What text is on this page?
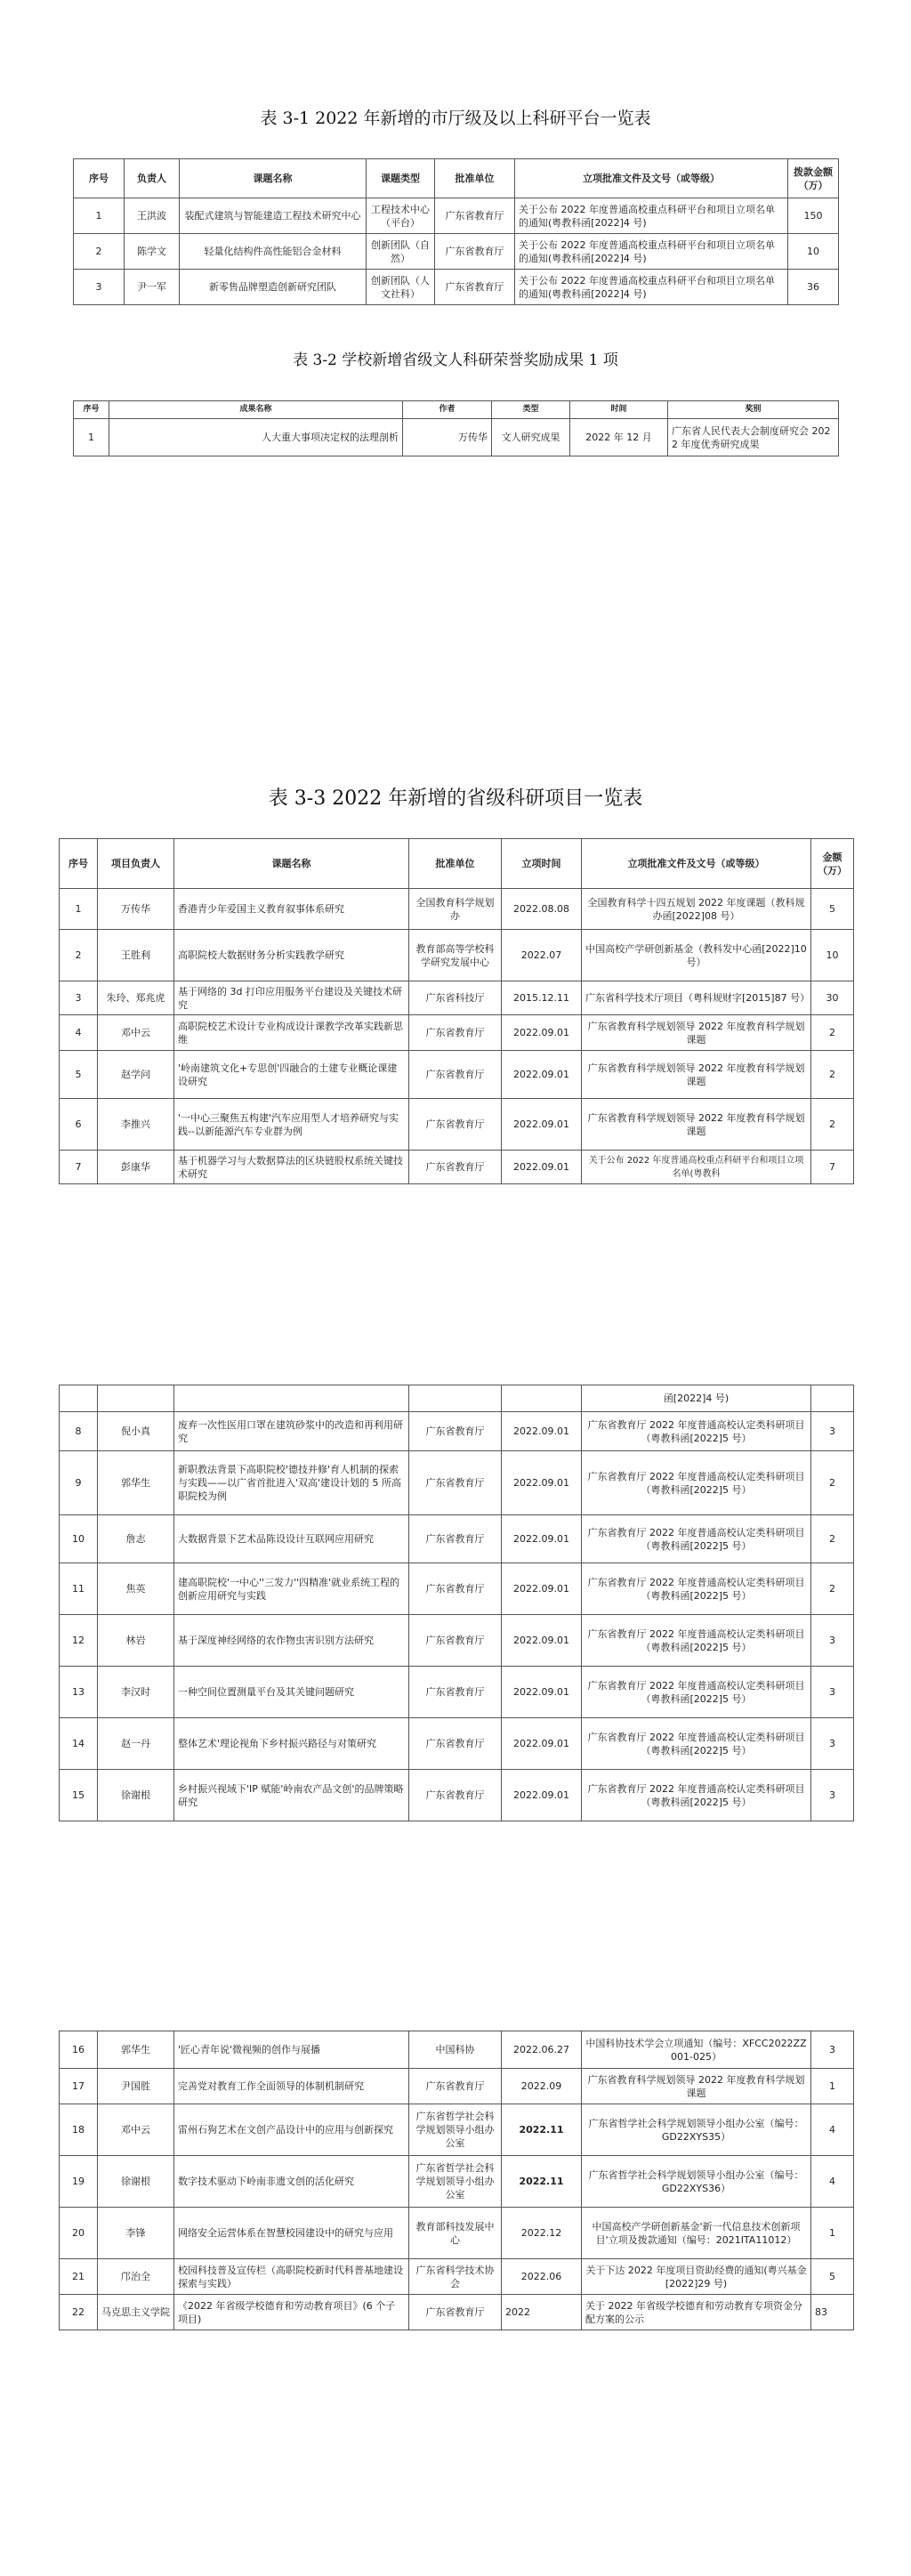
表 3-1 2022 年新增的市厅级及以上科研平台一览表
序号	负责人	课题名称	课题类型	批准单位	立项批准文件及文号（或等级）	拨款金额（万）
1	王洪波	装配式建筑与智能建造工程技术研究中心	工程技术中心（平台）	广东省教育厅	关于公布 2022 年度普通高校重点科研平台和项目立项名单的通知(粤教科函[2022]4 号)	150
2	陈学文	轻量化结构件高性能铝合金材料	创新团队（自然）	广东省教育厅	关于公布 2022 年度普通高校重点科研平台和项目立项名单的通知(粤教科函[2022]4 号)	10
3	尹一军	新零售品牌塑造创新研究团队	创新团队（人文社科）	广东省教育厅	关于公布 2022 年度普通高校重点科研平台和项目立项名单的通知(粤教科函[2022]4 号)	36
表 3-2 学校新增省级文人科研荣誉奖励成果 1 项
序号	成果名称	作者	类型	时间	奖别
1	人大重大事项决定权的法理剖析	万传华	文人研究成果	2022 年 12 月	广东省人民代表大会制度研究会 2022 年度优秀研究成果
表 3-3 2022 年新增的省级科研项目一览表
序号	项目负责人	课题名称	批准单位	立项时间	立项批准文件及文号（或等级）	金额（万）
1	万传华	香港青少年爱国主义教育叙事体系研究	全国教育科学规划办	2022.08.08	全国教育科学十四五规划 2022 年度课题（教科规办函[2022]08 号）	5
2	王胜利	高职院校大数据财务分析实践教学研究	教育部高等学校科学研究发展中心	2022.07	中国高校产学研创新基金（教科发中心函[2022]10 号）	10
3	朱玲、郑兆虎	基于网络的 3d 打印应用服务平台建设及关键技术研究	广东省科技厅	2015.12.11	广东省科学技术厅项目（粤科规财字[2015]87 号）	30
4	邓中云	高职院校艺术设计专业构成设计课教学改革实践新思维	广东省教育厅	2022.09.01	广东省教育科学规划领导 2022 年度教育科学规划课题	2
5	赵学问	'岭南建筑文化+专思创'四融合的土建专业概论课建设研究	广东省教育厅	2022.09.01	广东省教育科学规划领导 2022 年度教育科学规划课题	2
6	李推兴	'一中心三聚焦五构建'汽车应用型人才培养研究与实践--以新能源汽车专业群为例	广东省教育厅	2022.09.01	广东省教育科学规划领导 2022 年度教育科学规划课题	2
7	彭康华	基于机器学习与大数据算法的区块链股权系统关键技术研究	广东省教育厅	2022.09.01	关于公布 2022 年度普通高校重点科研平台和项目立项名单(粤教科	7
					函[2022]4 号)	
8	倪小真	废弃一次性医用口罩在建筑砂浆中的改造和再利用研究	广东省教育厅	2022.09.01	广东省教育厅 2022 年度普通高校认定类科研项目（粤教科函[2022]5 号）	3
9	郭华生	新职教法背景下高职院校'德技并修'育人机制的探索与实践——以广省首批进入'双高'建设计划的 5 所高职院校为例	广东省教育厅	2022.09.01	广东省教育厅 2022 年度普通高校认定类科研项目（粤教科函[2022]5 号）	2
10	詹志	大数据背景下艺术品陈设设计互联网应用研究	广东省教育厅	2022.09.01	广东省教育厅 2022 年度普通高校认定类科研项目（粤教科函[2022]5 号）	2
11	焦英	建高职院校'一中心''三发力''四精准'就业系统工程的创新应用研究与实践	广东省教育厅	2022.09.01	广东省教育厅 2022 年度普通高校认定类科研项目（粤教科函[2022]5 号）	2
12	林岩	基于深度神经网络的农作物虫害识别方法研究	广东省教育厅	2022.09.01	广东省教育厅 2022 年度普通高校认定类科研项目（粤教科函[2022]5 号）	3
13	李汉时	一种空间位置测量平台及其关键问题研究	广东省教育厅	2022.09.01	广东省教育厅 2022 年度普通高校认定类科研项目（粤教科函[2022]5 号）	3
14	赵一丹	整体艺术'理论视角下乡村振兴路径与对策研究	广东省教育厅	2022.09.01	广东省教育厅 2022 年度普通高校认定类科研项目（粤教科函[2022]5 号）	3
15	徐谢根	乡村振兴视域下'IP 赋能'岭南农产品文创'的品牌策略研究	广东省教育厅	2022.09.01	广东省教育厅 2022 年度普通高校认定类科研项目（粤教科函[2022]5 号）	3
16	郭华生	'匠心青年说'微视频的创作与展播	中国科协	2022.06.27	中国科协技术学会立项通知（编号：XFCC2022ZZ001-025）	3
17	尹国胜	完善党对教育工作全面领导的体制机制研究	广东省教育厅	2022.09	广东省教育科学规划领导 2022 年度教育科学规划课题	1
18	邓中云	雷州石狗艺术在文创产品设计中的应用与创新探究	广东省哲学社会科学规划领导小组办公室	2022.11	广东省哲学社会科学规划领导小组办公室（编号：GD22XYS35）	4
19	徐谢根	数字技术驱动下岭南非遗文创的活化研究	广东省哲学社会科学规划领导小组办公室	2022.11	广东省哲学社会科学规划领导小组办公室（编号：GD22XYS36）	4
20	李锋	网络安全运营体系在智慧校园建设中的研究与应用	教育部科技发展中心	2022.12	中国高校产学研创新基金'新一代信息技术创新项目'立项及拨款通知（编号：2021ITA11012）	1
21	邝治全	校园科技普及宣传栏（高职院校新时代科普基地建设探索与实践）	广东省科学技术协会	2022.06	关于下达 2022 年度项目资助经费的通知(粤兴基金[2022]29 号)	5
22	马克思主义学院	《2022 年省级学校德育和劳动教育项目》(6 个子项目)	广东省教育厅	2022	关于 2022 年省级学校德育和劳动教育专项资金分配方案的公示	83
